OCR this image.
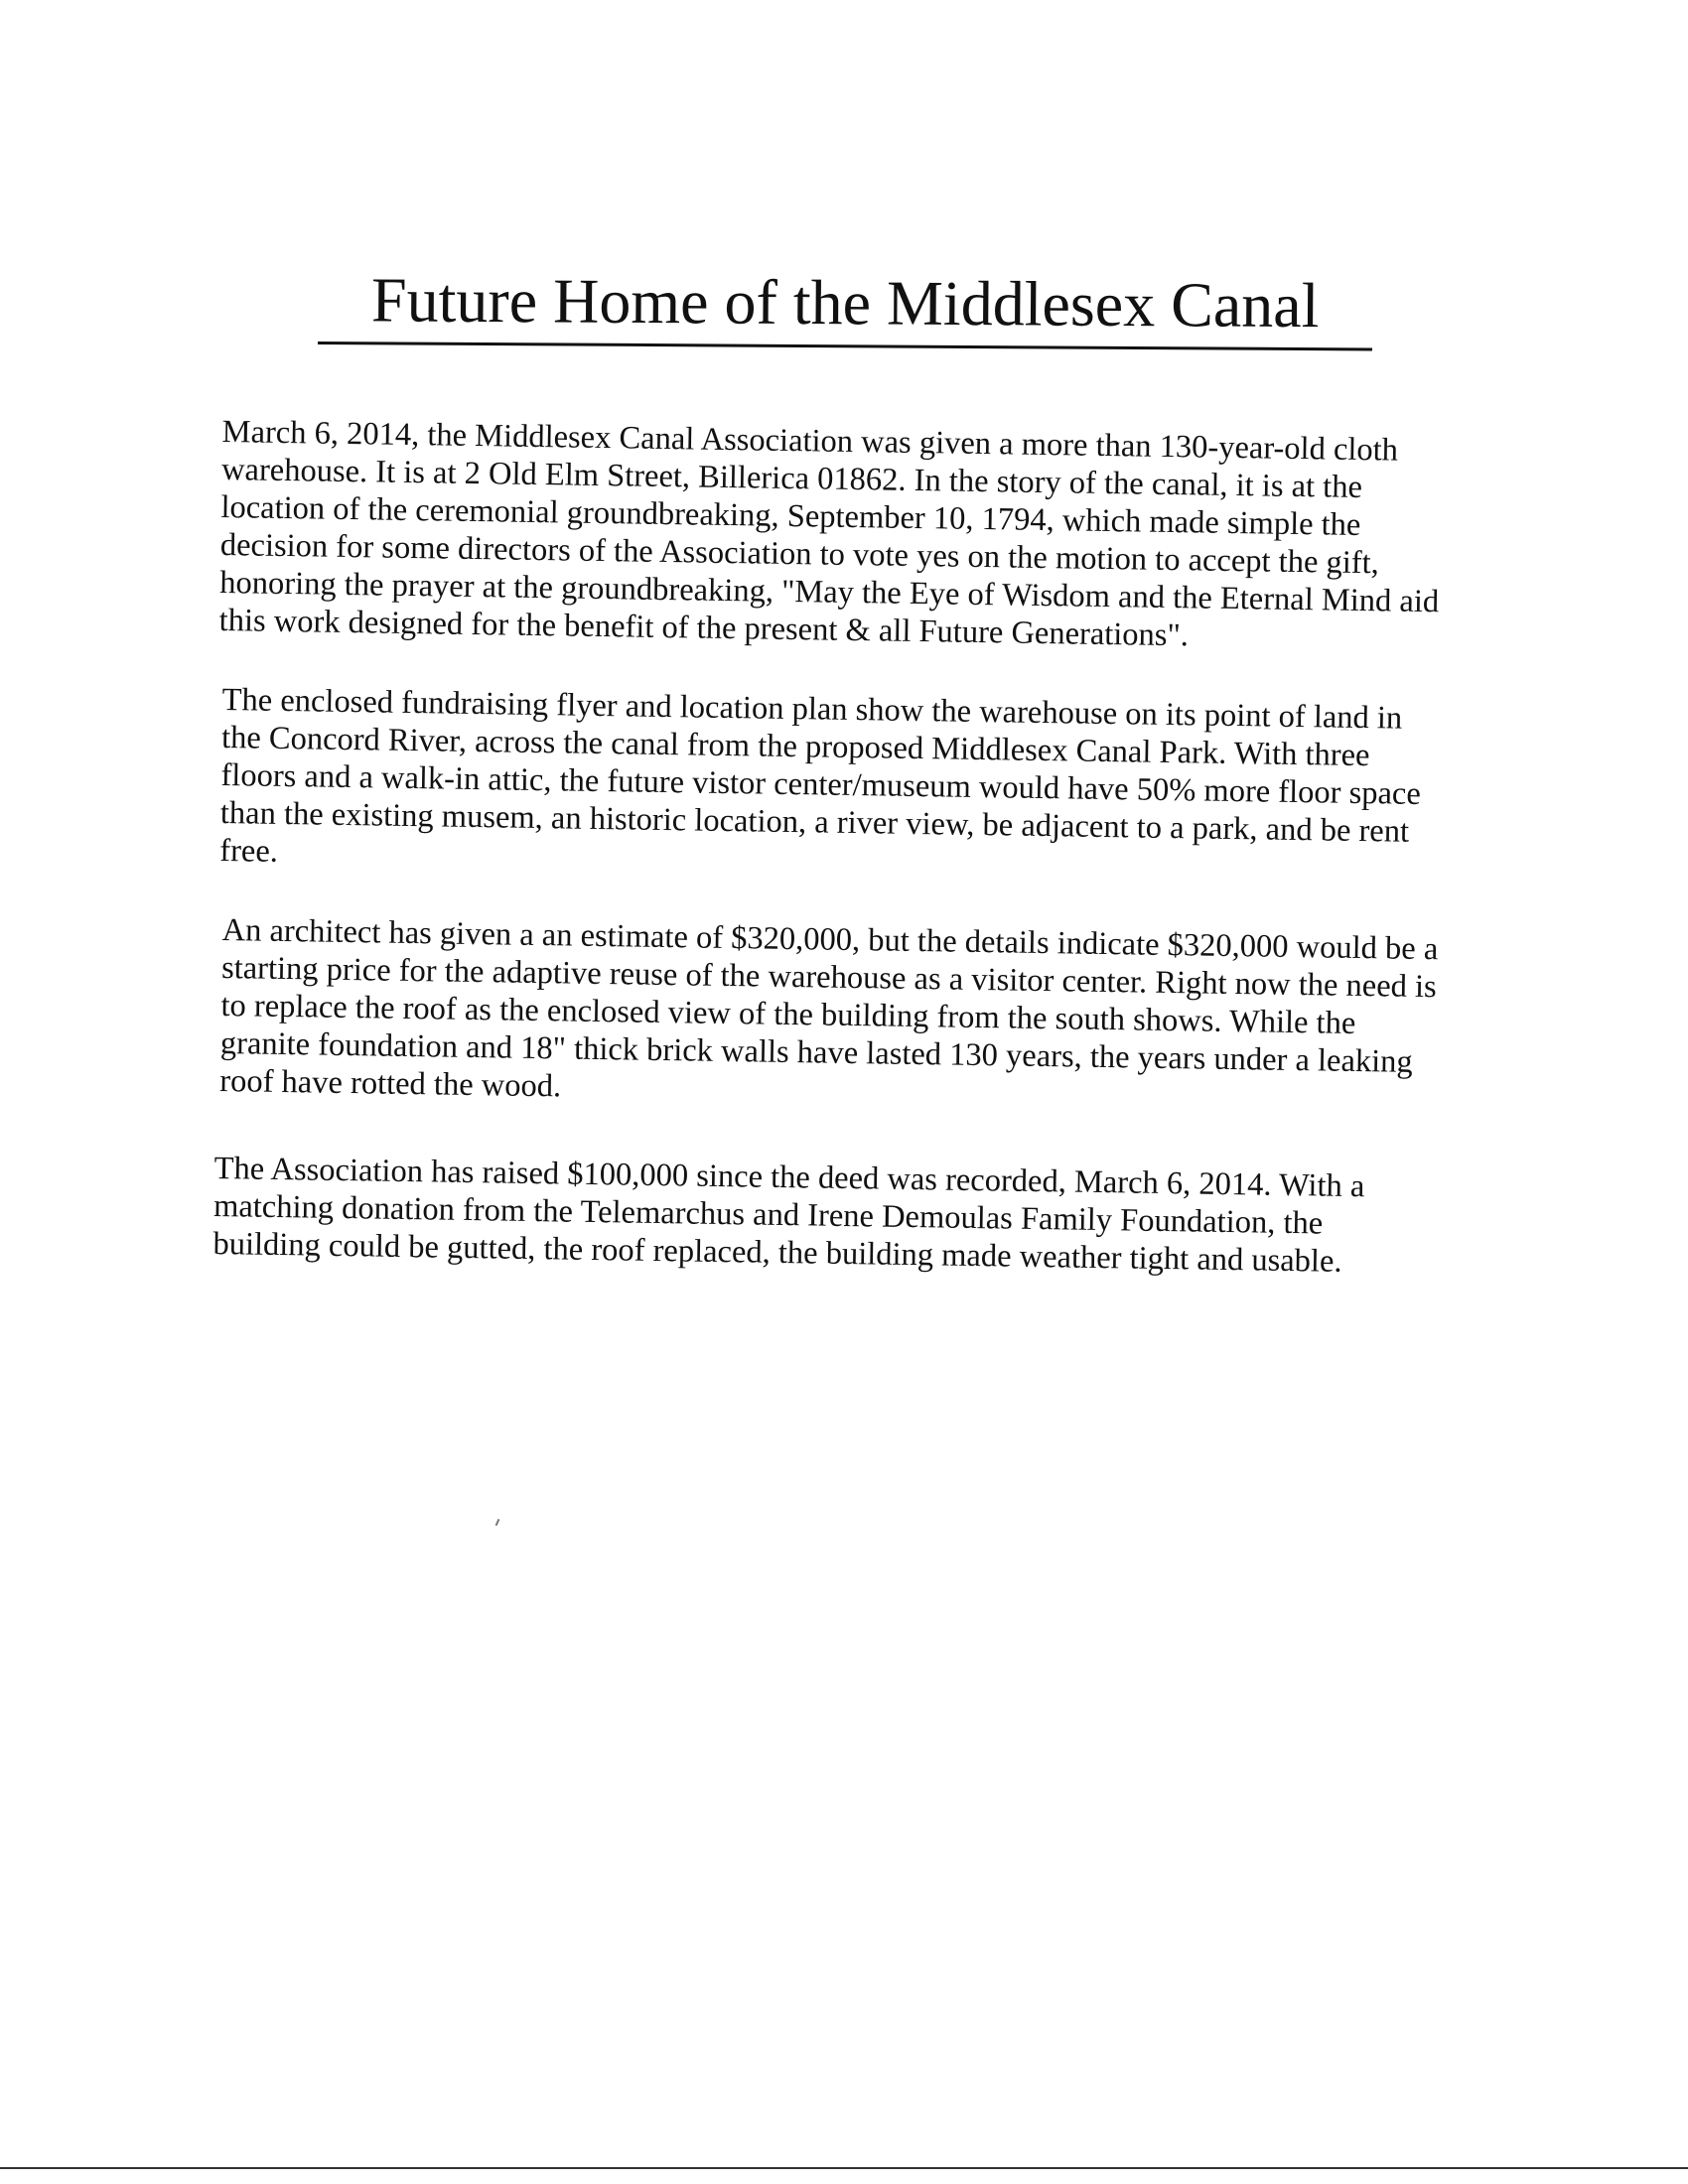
Future Home of the Middlesex Canal

March 6, 2014, the Middlesex Canal Association was given a more than 130-year-old cloth warehouse. It is at 2 Old Elm Street, Billerica 01862. In the story of the canal, it is at the location of the ceremonial groundbreaking, September 10, 1794, which made simple the decision for some directors of the Association to vote yes on the motion to accept the gift, honoring the prayer at the groundbreaking, "May the Eye of Wisdom and the Eternal Mind aid this work designed for the benefit of the present & all Future Generations".

The enclosed fundraising flyer and location plan show the warehouse on its point of land in the Concord River, across the canal from the proposed Middlesex Canal Park. With three floors and a walk-in attic, the future vistor center/museum would have 50% more floor space than the existing musem, an historic location, a river view, be adjacent to a park, and be rent free.

An architect has given a an estimate of $320,000, but the details indicate $320,000 would be a starting price for the adaptive reuse of the warehouse as a visitor center. Right now the need is to replace the roof as the enclosed view of the building from the south shows. While the granite foundation and 18" thick brick walls have lasted 130 years, the years under a leaking roof have rotted the wood.

The Association has raised $100,000 since the deed was recorded, March 6, 2014. With a matching donation from the Telemarchus and Irene Demoulas Family Foundation, the building could be gutted, the roof replaced, the building made weather tight and usable.
